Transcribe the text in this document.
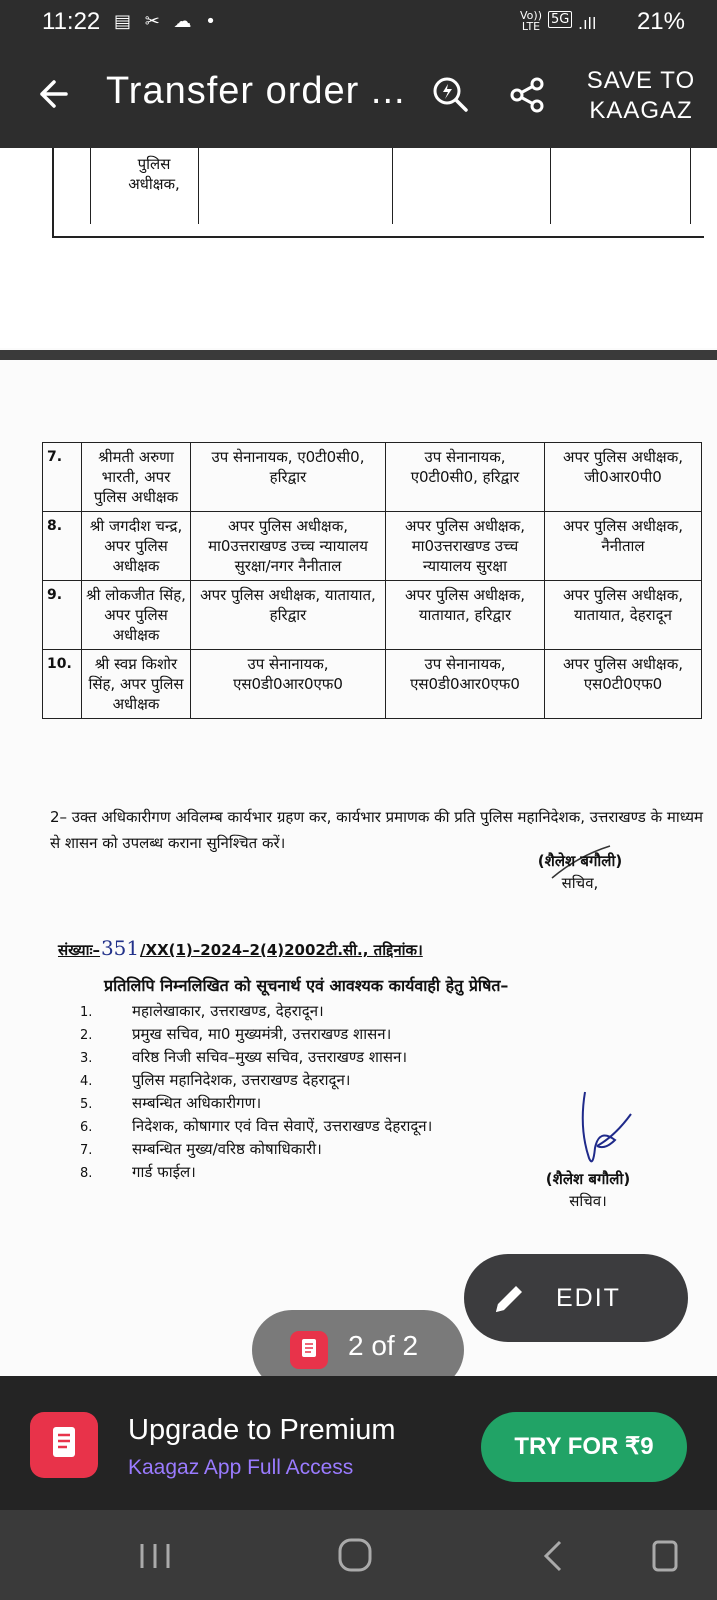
11:22 ▤ ✂ ☁ •	Vo))
LTE 5G .ıll 21%
Transfer order ...	SAVE TO
KAAGAZ
पुलिस अधीक्षक,
7.	श्रीमती अरुणा भारती, अपर पुलिस अधीक्षक	उप सेनानायक, ए0टी0सी0, हरिद्वार	उप सेनानायक, ए0टी0सी0, हरिद्वार	अपर पुलिस अधीक्षक, जी0आर0पी0
8.	श्री जगदीश चन्द्र, अपर पुलिस अधीक्षक	अपर पुलिस अधीक्षक, मा0उत्तराखण्ड उच्च न्यायालय सुरक्षा/नगर नैनीताल	अपर पुलिस अधीक्षक, मा0उत्तराखण्ड उच्च न्यायालय सुरक्षा	अपर पुलिस अधीक्षक, नैनीताल
9.	श्री लोकजीत सिंह, अपर पुलिस अधीक्षक	अपर पुलिस अधीक्षक, यातायात, हरिद्वार	अपर पुलिस अधीक्षक, यातायात, हरिद्वार	अपर पुलिस अधीक्षक, यातायात, देहरादून
10.	श्री स्वप्न किशोर सिंह, अपर पुलिस अधीक्षक	उप सेनानायक, एस0डी0आर0एफ0	उप सेनानायक, एस0डी0आर0एफ0	अपर पुलिस अधीक्षक, एस0टी0एफ0
2– उक्त अधिकारीगण अविलम्ब कार्यभार ग्रहण कर, कार्यभार प्रमाणक की प्रति पुलिस महानिदेशक, उत्तराखण्ड के माध्यम से शासन को उपलब्ध कराना सुनिश्चित करें।
(शैलेश बगौली)
सचिव,
संख्याः–351/XX(1)–2024–2(4)2002टी.सी., तद्दिनांक।
प्रतिलिपि निम्नलिखित को सूचनार्थ एवं आवश्यक कार्यवाही हेतु प्रेषित–
1.	महालेखाकार, उत्तराखण्ड, देहरादून।
2.	प्रमुख सचिव, मा0 मुख्यमंत्री, उत्तराखण्ड शासन।
3.	वरिष्ठ निजी सचिव–मुख्य सचिव, उत्तराखण्ड शासन।
4.	पुलिस महानिदेशक, उत्तराखण्ड देहरादून।
5.	सम्बन्धित अधिकारीगण।
6.	निदेशक, कोषागार एवं वित्त सेवाऐं, उत्तराखण्ड देहरादून।
7.	सम्बन्धित मुख्य/वरिष्ठ कोषाधिकारी।
8.	गार्ड फाईल।	(शैलेश बगौली)
सचिव।
2 of 2
EDIT
Upgrade to Premium
Kaagaz App Full Access
TRY FOR ₹9
